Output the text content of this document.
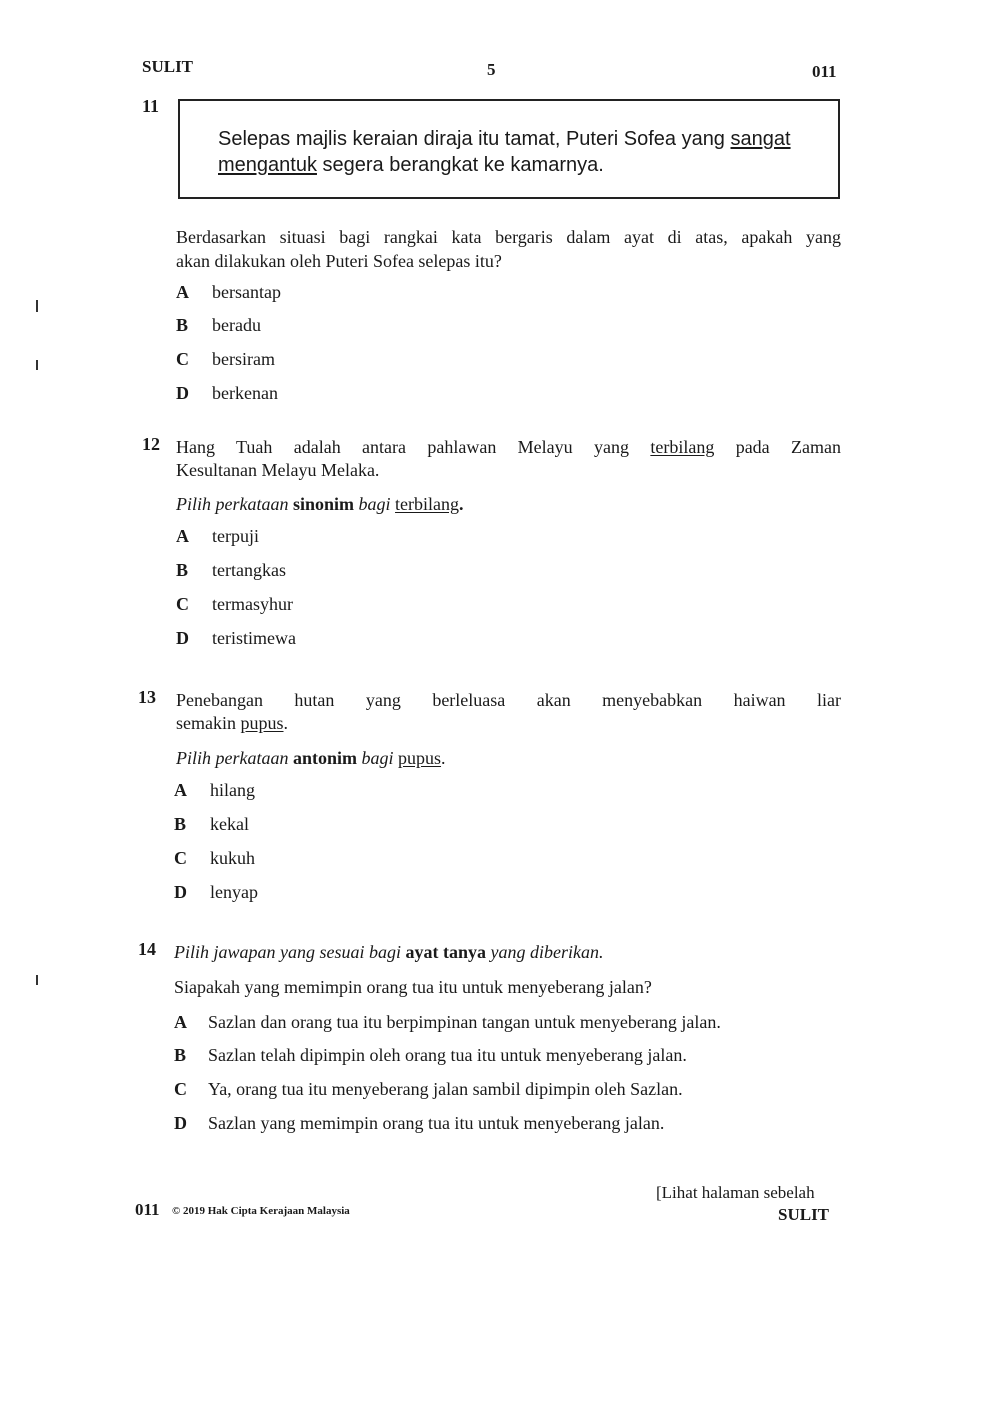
SULIT	5	011
11
Selepas majlis keraian diraja itu tamat, Puteri Sofea yang sangat mengantuk segera berangkat ke kamarnya.
Berdasarkan situasi bagi rangkai kata bergaris dalam ayat di atas, apakah yang
akan dilakukan oleh Puteri Sofea selepas itu?
A bersantap
B beradu
C bersiram
D berkenan
12 Hang Tuah adalah antara pahlawan Melayu yang terbilang pada Zaman
Kesultanan Melayu Melaka.
Pilih perkataan sinonim bagi terbilang.
A terpuji
B tertangkas
C termasyhur
D teristimewa
13 Penebangan hutan yang berleluasa akan menyebabkan haiwan liar
semakin pupus.
Pilih perkataan antonim bagi pupus.
A hilang
B kekal
C kukuh
D lenyap
14 Pilih jawapan yang sesuai bagi ayat tanya yang diberikan.
Siapakah yang memimpin orang tua itu untuk menyeberang jalan?
A Sazlan dan orang tua itu berpimpinan tangan untuk menyeberang jalan.
B Sazlan telah dipimpin oleh orang tua itu untuk menyeberang jalan.
C Ya, orang tua itu menyeberang jalan sambil dipimpin oleh Sazlan.
D Sazlan yang memimpin orang tua itu untuk menyeberang jalan.
[Lihat halaman sebelah
011 © 2019 Hak Cipta Kerajaan Malaysia	SULIT
